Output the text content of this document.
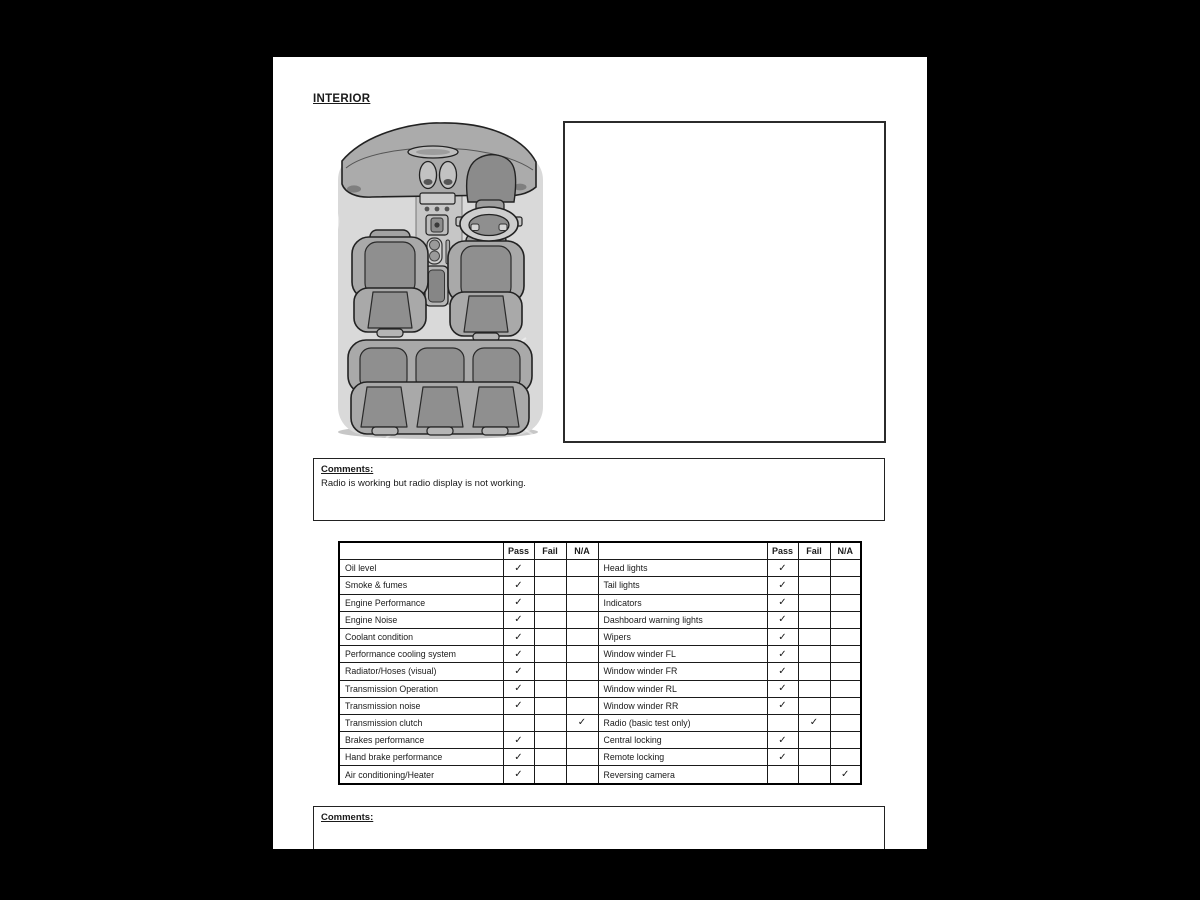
INTERIOR
Comments:
Radio is working but radio display is not working.
	Pass	Fail	N/A		Pass	Fail	N/A
Oil level	✓			Head lights	✓		
Smoke & fumes	✓			Tail lights	✓		
Engine Performance	✓			Indicators	✓		
Engine Noise	✓			Dashboard warning lights	✓		
Coolant condition	✓			Wipers	✓		
Performance cooling system	✓			Window winder FL	✓		
Radiator/Hoses (visual)	✓			Window winder FR	✓		
Transmission Operation	✓			Window winder RL	✓		
Transmission noise	✓			Window winder RR	✓		
Transmission clutch			✓	Radio (basic test only)		✓	
Brakes performance	✓			Central locking	✓		
Hand brake performance	✓			Remote locking	✓		
Air conditioning/Heater	✓			Reversing camera			✓
Comments:
